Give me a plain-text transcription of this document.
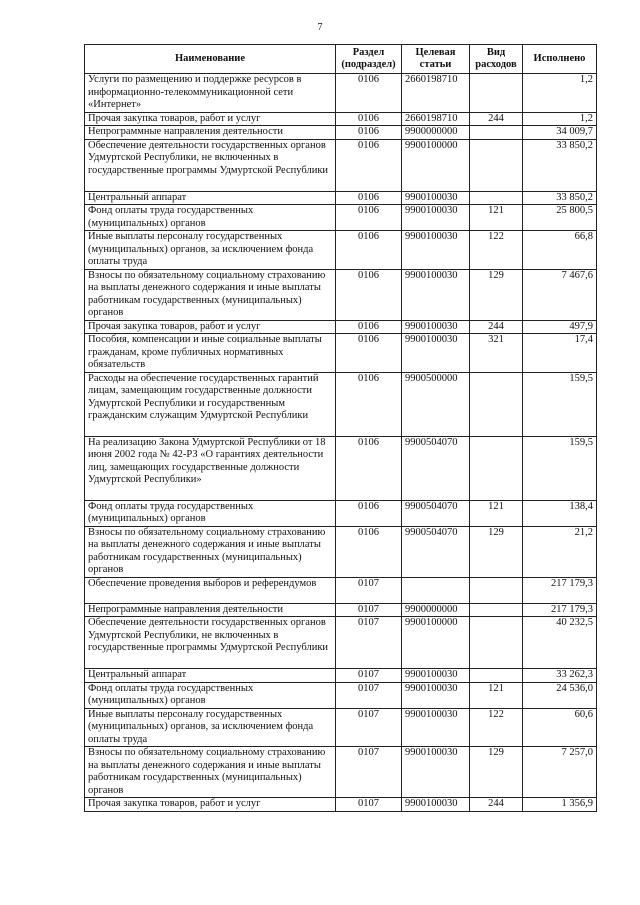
7
Наименование	Раздел (подраздел)	Целевая статьи	Вид расходов	Исполнено
Услуги по размещению и поддержке ресурсов в информационно-телекоммуникационной сети «Интернет»	0106	2660198710		1,2
Прочая закупка товаров, работ и услуг	0106	2660198710	244	1,2
Непрограммные направления деятельности	0106	9900000000		34 009,7
Обеспечение деятельности государственных органов Удмуртской Республики, не включенных в государственные программы Удмуртской Республики	0106	9900100000		33 850,2
Центральный аппарат	0106	9900100030		33 850,2
Фонд оплаты труда государственных (муниципальных) органов	0106	9900100030	121	25 800,5
Иные выплаты персоналу государственных (муниципальных) органов, за исключением фонда оплаты труда	0106	9900100030	122	66,8
Взносы по обязательному социальному страхованию на выплаты денежного содержания и иные выплаты работникам государственных (муниципальных) органов	0106	9900100030	129	7 467,6
Прочая закупка товаров, работ и услуг	0106	9900100030	244	497,9
Пособия, компенсации и иные социальные выплаты гражданам, кроме публичных нормативных обязательств	0106	9900100030	321	17,4
Расходы на обеспечение государственных гарантий лицам, замещающим государственные должности Удмуртской Республики и государственным гражданским служащим Удмуртской Республики	0106	9900500000		159,5
На реализацию Закона Удмуртской Республики от 18 июня 2002 года № 42-РЗ «О гарантиях деятельности лиц, замещающих государственные должности Удмуртской Республики»	0106	9900504070		159,5
Фонд оплаты труда государственных (муниципальных) органов	0106	9900504070	121	138,4
Взносы по обязательному социальному страхованию на выплаты денежного содержания и иные выплаты работникам государственных (муниципальных) органов	0106	9900504070	129	21,2
Обеспечение проведения выборов и референдумов	0107			217 179,3
Непрограммные направления деятельности	0107	9900000000		217 179,3
Обеспечение деятельности государственных органов Удмуртской Республики, не включенных в государственные программы Удмуртской Республики	0107	9900100000		40 232,5
Центральный аппарат	0107	9900100030		33 262,3
Фонд оплаты труда государственных (муниципальных) органов	0107	9900100030	121	24 536,0
Иные выплаты персоналу государственных (муниципальных) органов, за исключением фонда оплаты труда	0107	9900100030	122	60,6
Взносы по обязательному социальному страхованию на выплаты денежного содержания и иные выплаты работникам государственных (муниципальных) органов	0107	9900100030	129	7 257,0
Прочая закупка товаров, работ и услуг	0107	9900100030	244	1 356,9
